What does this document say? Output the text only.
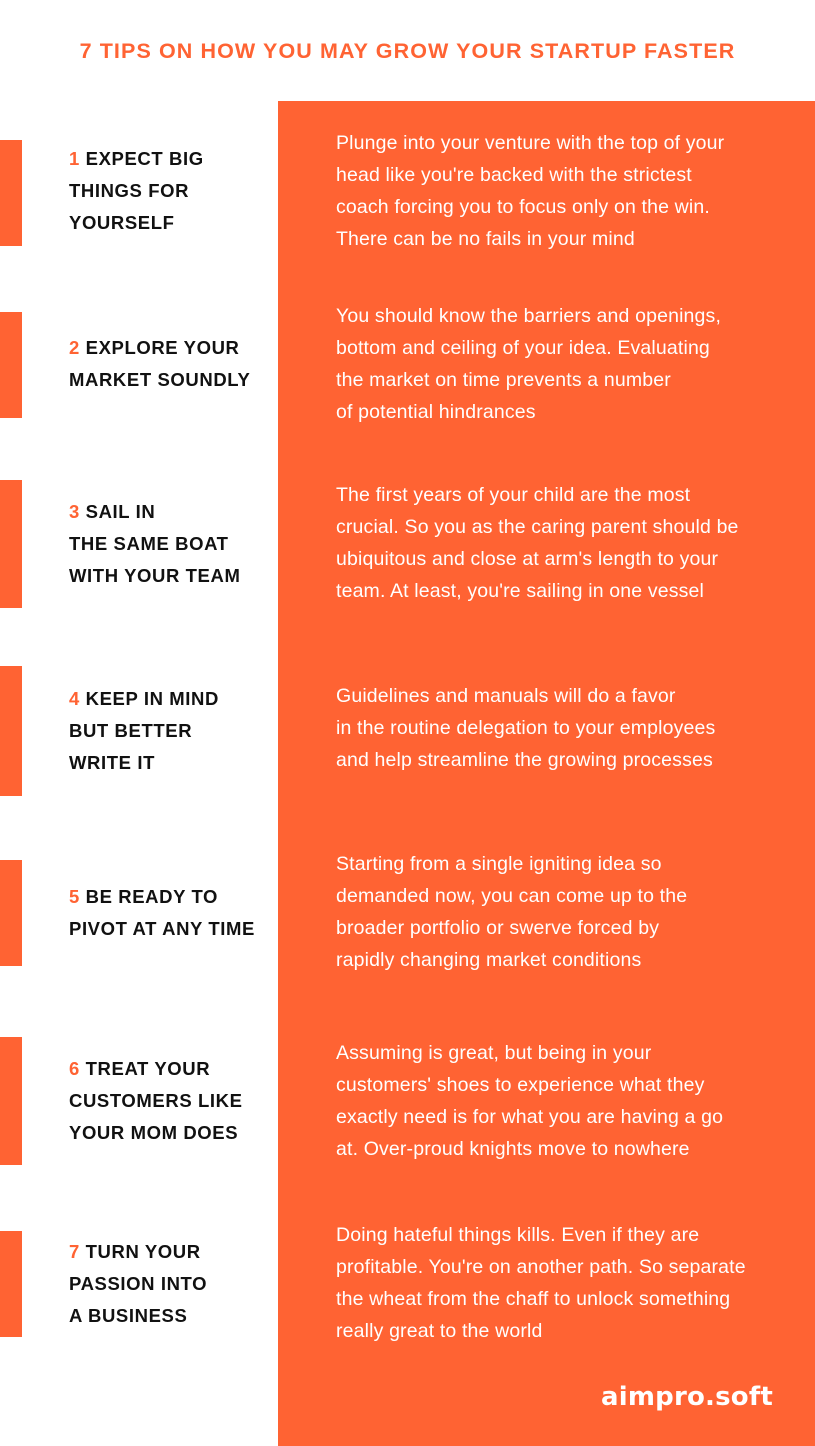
7 TIPS ON HOW YOU MAY GROW YOUR STARTUP FASTER
1 EXPECT BIG
THINGS FOR
YOURSELF
Plunge into your venture with the top of your
head like you're backed with the strictest
coach forcing you to focus only on the win.
There can be no fails in your mind
2 EXPLORE YOUR
MARKET SOUNDLY
You should know the barriers and openings,
bottom and ceiling of your idea. Evaluating
the market on time prevents a number
of potential hindrances
3 SAIL IN
THE SAME BOAT
WITH YOUR TEAM
The first years of your child are the most
crucial. So you as the caring parent should be
ubiquitous and close at arm's length to your
team. At least, you're sailing in one vessel
4 KEEP IN MIND
BUT BETTER
WRITE IT
Guidelines and manuals will do a favor
in the routine delegation to your employees
and help streamline the growing processes
5 BE READY TO
PIVOT AT ANY TIME
Starting from a single igniting idea so
demanded now, you can come up to the
broader portfolio or swerve forced by
rapidly changing market conditions
6 TREAT YOUR
CUSTOMERS LIKE
YOUR MOM DOES
Assuming is great, but being in your
customers' shoes to experience what they
exactly need is for what you are having a go
at. Over-proud knights move to nowhere
7 TURN YOUR
PASSION INTO
A BUSINESS
Doing hateful things kills. Even if they are
profitable. You're on another path. So separate
the wheat from the chaff to unlock something
really great to the world
aimpro.soft
